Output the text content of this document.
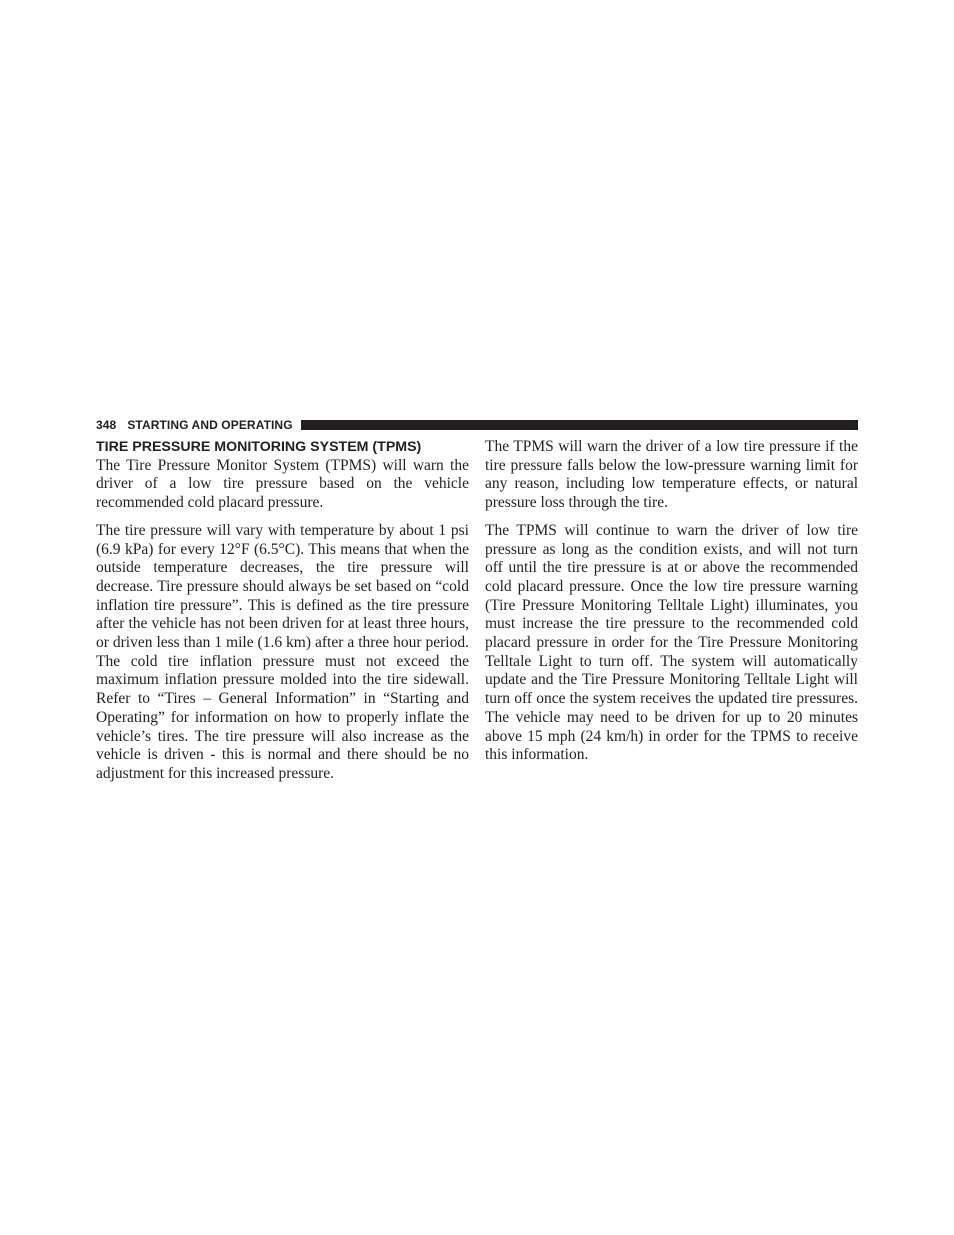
348 STARTING AND OPERATING
TIRE PRESSURE MONITORING SYSTEM (TPMS)

The Tire Pressure Monitor System (TPMS) will warn the driver of a low tire pressure based on the vehicle recommended cold placard pressure.

The tire pressure will vary with temperature by about 1 psi (6.9 kPa) for every 12°F (6.5°C). This means that when the outside temperature decreases, the tire pressure will decrease. Tire pressure should always be set based on “cold inflation tire pressure”. This is defined as the tire pressure after the vehicle has not been driven for at least three hours, or driven less than 1 mile (1.6 km) after a three hour period. The cold tire inflation pressure must not exceed the maximum inflation pressure molded into the tire sidewall. Refer to “Tires – General Information” in “Starting and Operating” for information on how to properly inflate the vehicle’s tires. The tire pressure will also increase as the vehicle is driven - this is normal and there should be no adjustment for this increased pressure.

The TPMS will warn the driver of a low tire pressure if the tire pressure falls below the low-pressure warning limit for any reason, including low temperature effects, or natural pressure loss through the tire.

The TPMS will continue to warn the driver of low tire pressure as long as the condition exists, and will not turn off until the tire pressure is at or above the recommended cold placard pressure. Once the low tire pressure warning (Tire Pressure Monitoring Telltale Light) illuminates, you must increase the tire pressure to the recommended cold placard pressure in order for the Tire Pressure Monitoring Telltale Light to turn off. The system will automatically update and the Tire Pressure Monitoring Telltale Light will turn off once the system receives the updated tire pressures. The vehicle may need to be driven for up to 20 minutes above 15 mph (24 km/h) in order for the TPMS to receive this information.
